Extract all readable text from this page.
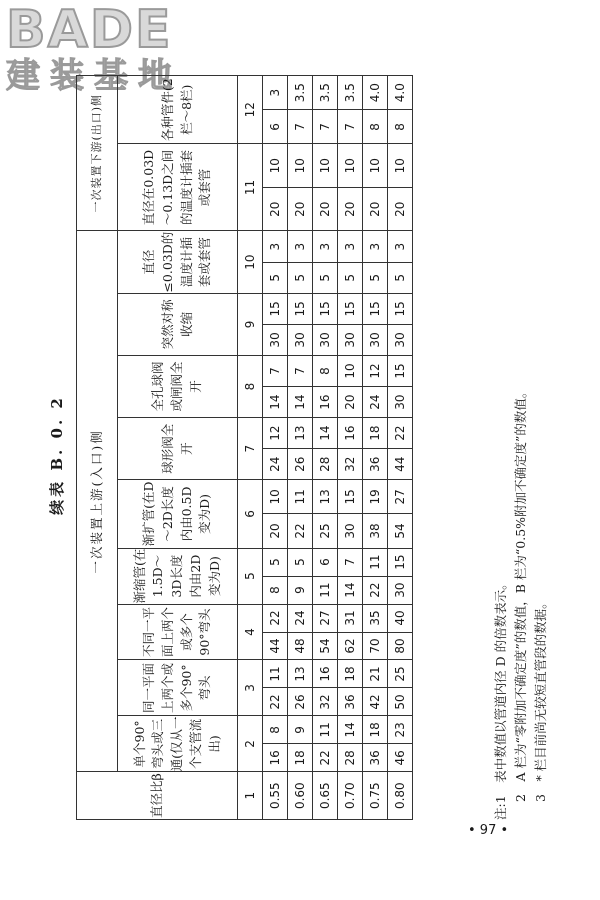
BADE
建装基地
续表 B. 0. 2
直径比β	一次装置上游(入口)侧																		一次装置下游(出口)侧			
	单个90°弯头或三通(仅从一个支管流出)		同一平面上两个或多个90°弯头		不同一平面上两个或多个90°弯头		渐缩管(在1.5D～3D长度内由2D变为D)		渐扩管(在D～2D长度内由0.5D变为D)		球形阀全开		全孔球阀或闸阀全开		突然对称收缩		直径≤0.03D的温度计插套或套管		直径在0.03D～0.13D之间的温度计插套或套管		各种管件(2栏～8栏)	
1	2		3		4		5		6		7		8		9		10		11		12	
0.55	16	8	22	11	44	22	8	5	20	10	24	12	14	7	30	15	5	3	20	10	6	3
0.60	18	9	26	13	48	24	9	5	22	11	26	13	14	7	30	15	5	3	20	10	7	3.5
0.65	22	11	32	16	54	27	11	6	25	13	28	14	16	8	30	15	5	3	20	10	7	3.5
0.70	28	14	36	18	62	31	14	7	30	15	32	16	20	10	30	15	5	3	20	10	7	3.5
0.75	36	18	42	21	70	35	22	11	38	19	36	18	24	12	30	15	5	3	20	10	8	4.0
0.80	46	23	50	25	80	40	30	15	54	27	44	22	30	15	30	15	5	3	20	10	8	4.0
注:1　表中数值以管道内径 D 的倍数表示。 2　A 栏为“零附加不确定度”的数值，B 栏为“0.5%附加不确定度”的数值。 3　* 栏目前尚无较短直管段的数据。
• 97 •
